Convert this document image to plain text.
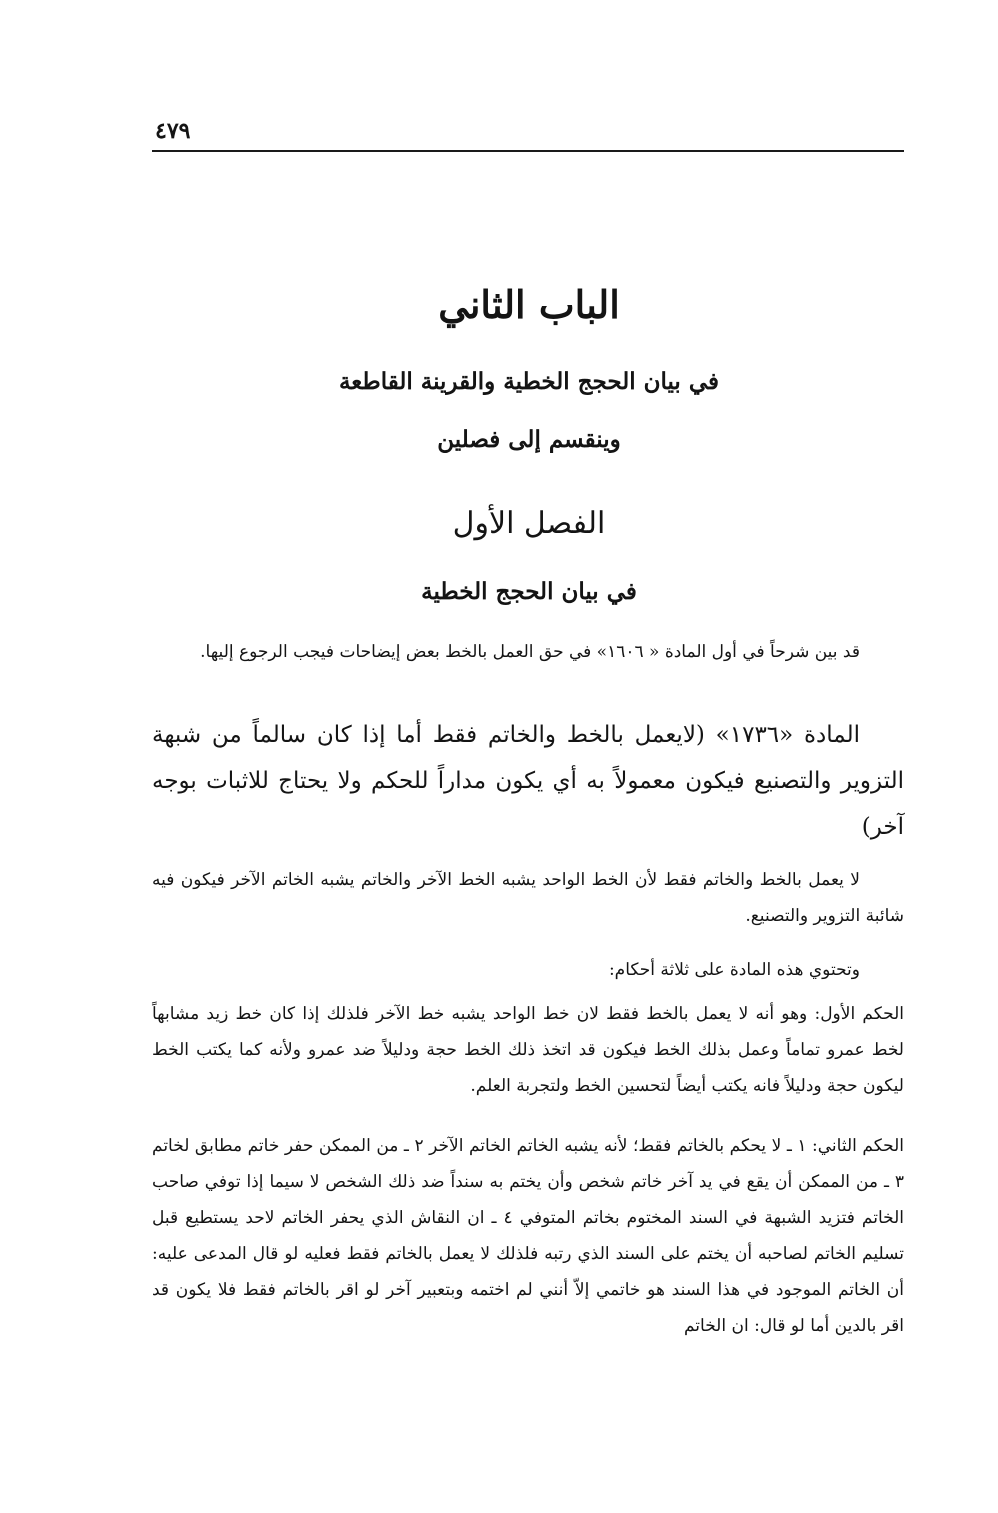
٤٧٩
الباب الثاني
في بيان الحجج الخطية والقرينة القاطعة
وينقسم إلى فصلين
الفصل الأول
في بيان الحجج الخطية
قد بين شرحاً في أول المادة « ١٦٠٦» في حق العمل بالخط بعض إيضاحات فيجب الرجوع إليها.
المادة «١٧٣٦» (لايعمل بالخط والخاتم فقط أما إذا كان سالماً من شبهة التزوير والتصنيع فيكون معمولاً به أي يكون مداراً للحكم ولا يحتاج للاثبات بوجه آخر)
لا يعمل بالخط والخاتم فقط لأن الخط الواحد يشبه الخط الآخر والخاتم يشبه الخاتم الآخر فيكون فيه شائبة التزوير والتصنيع.
وتحتوي هذه المادة على ثلاثة أحكام:
الحكم الأول: وهو أنه لا يعمل بالخط فقط لان خط الواحد يشبه خط الآخر فلذلك إذا كان خط زيد مشابهاً لخط عمرو تماماً وعمل بذلك الخط فيكون قد اتخذ ذلك الخط حجة ودليلاً ضد عمرو ولأنه كما يكتب الخط ليكون حجة ودليلاً فانه يكتب أيضاً لتحسين الخط ولتجربة العلم.
الحكم الثاني: ١ ـ لا يحكم بالخاتم فقط؛ لأنه يشبه الخاتم الخاتم الآخر ٢ ـ من الممكن حفر خاتم مطابق لخاتم ٣ ـ من الممكن أن يقع في يد آخر خاتم شخص وأن يختم به سنداً ضد ذلك الشخص لا سيما إذا توفي صاحب الخاتم فتزيد الشبهة في السند المختوم بخاتم المتوفي ٤ ـ ان النقاش الذي يحفر الخاتم لاحد يستطيع قبل تسليم الخاتم لصاحبه أن يختم على السند الذي رتبه فلذلك لا يعمل بالخاتم فقط فعليه لو قال المدعى عليه: أن الخاتم الموجود في هذا السند هو خاتمي إلاّ أنني لم اختمه وبتعبير آخر لو اقر بالخاتم فقط فلا يكون قد اقر بالدين أما لو قال: ان الخاتم
